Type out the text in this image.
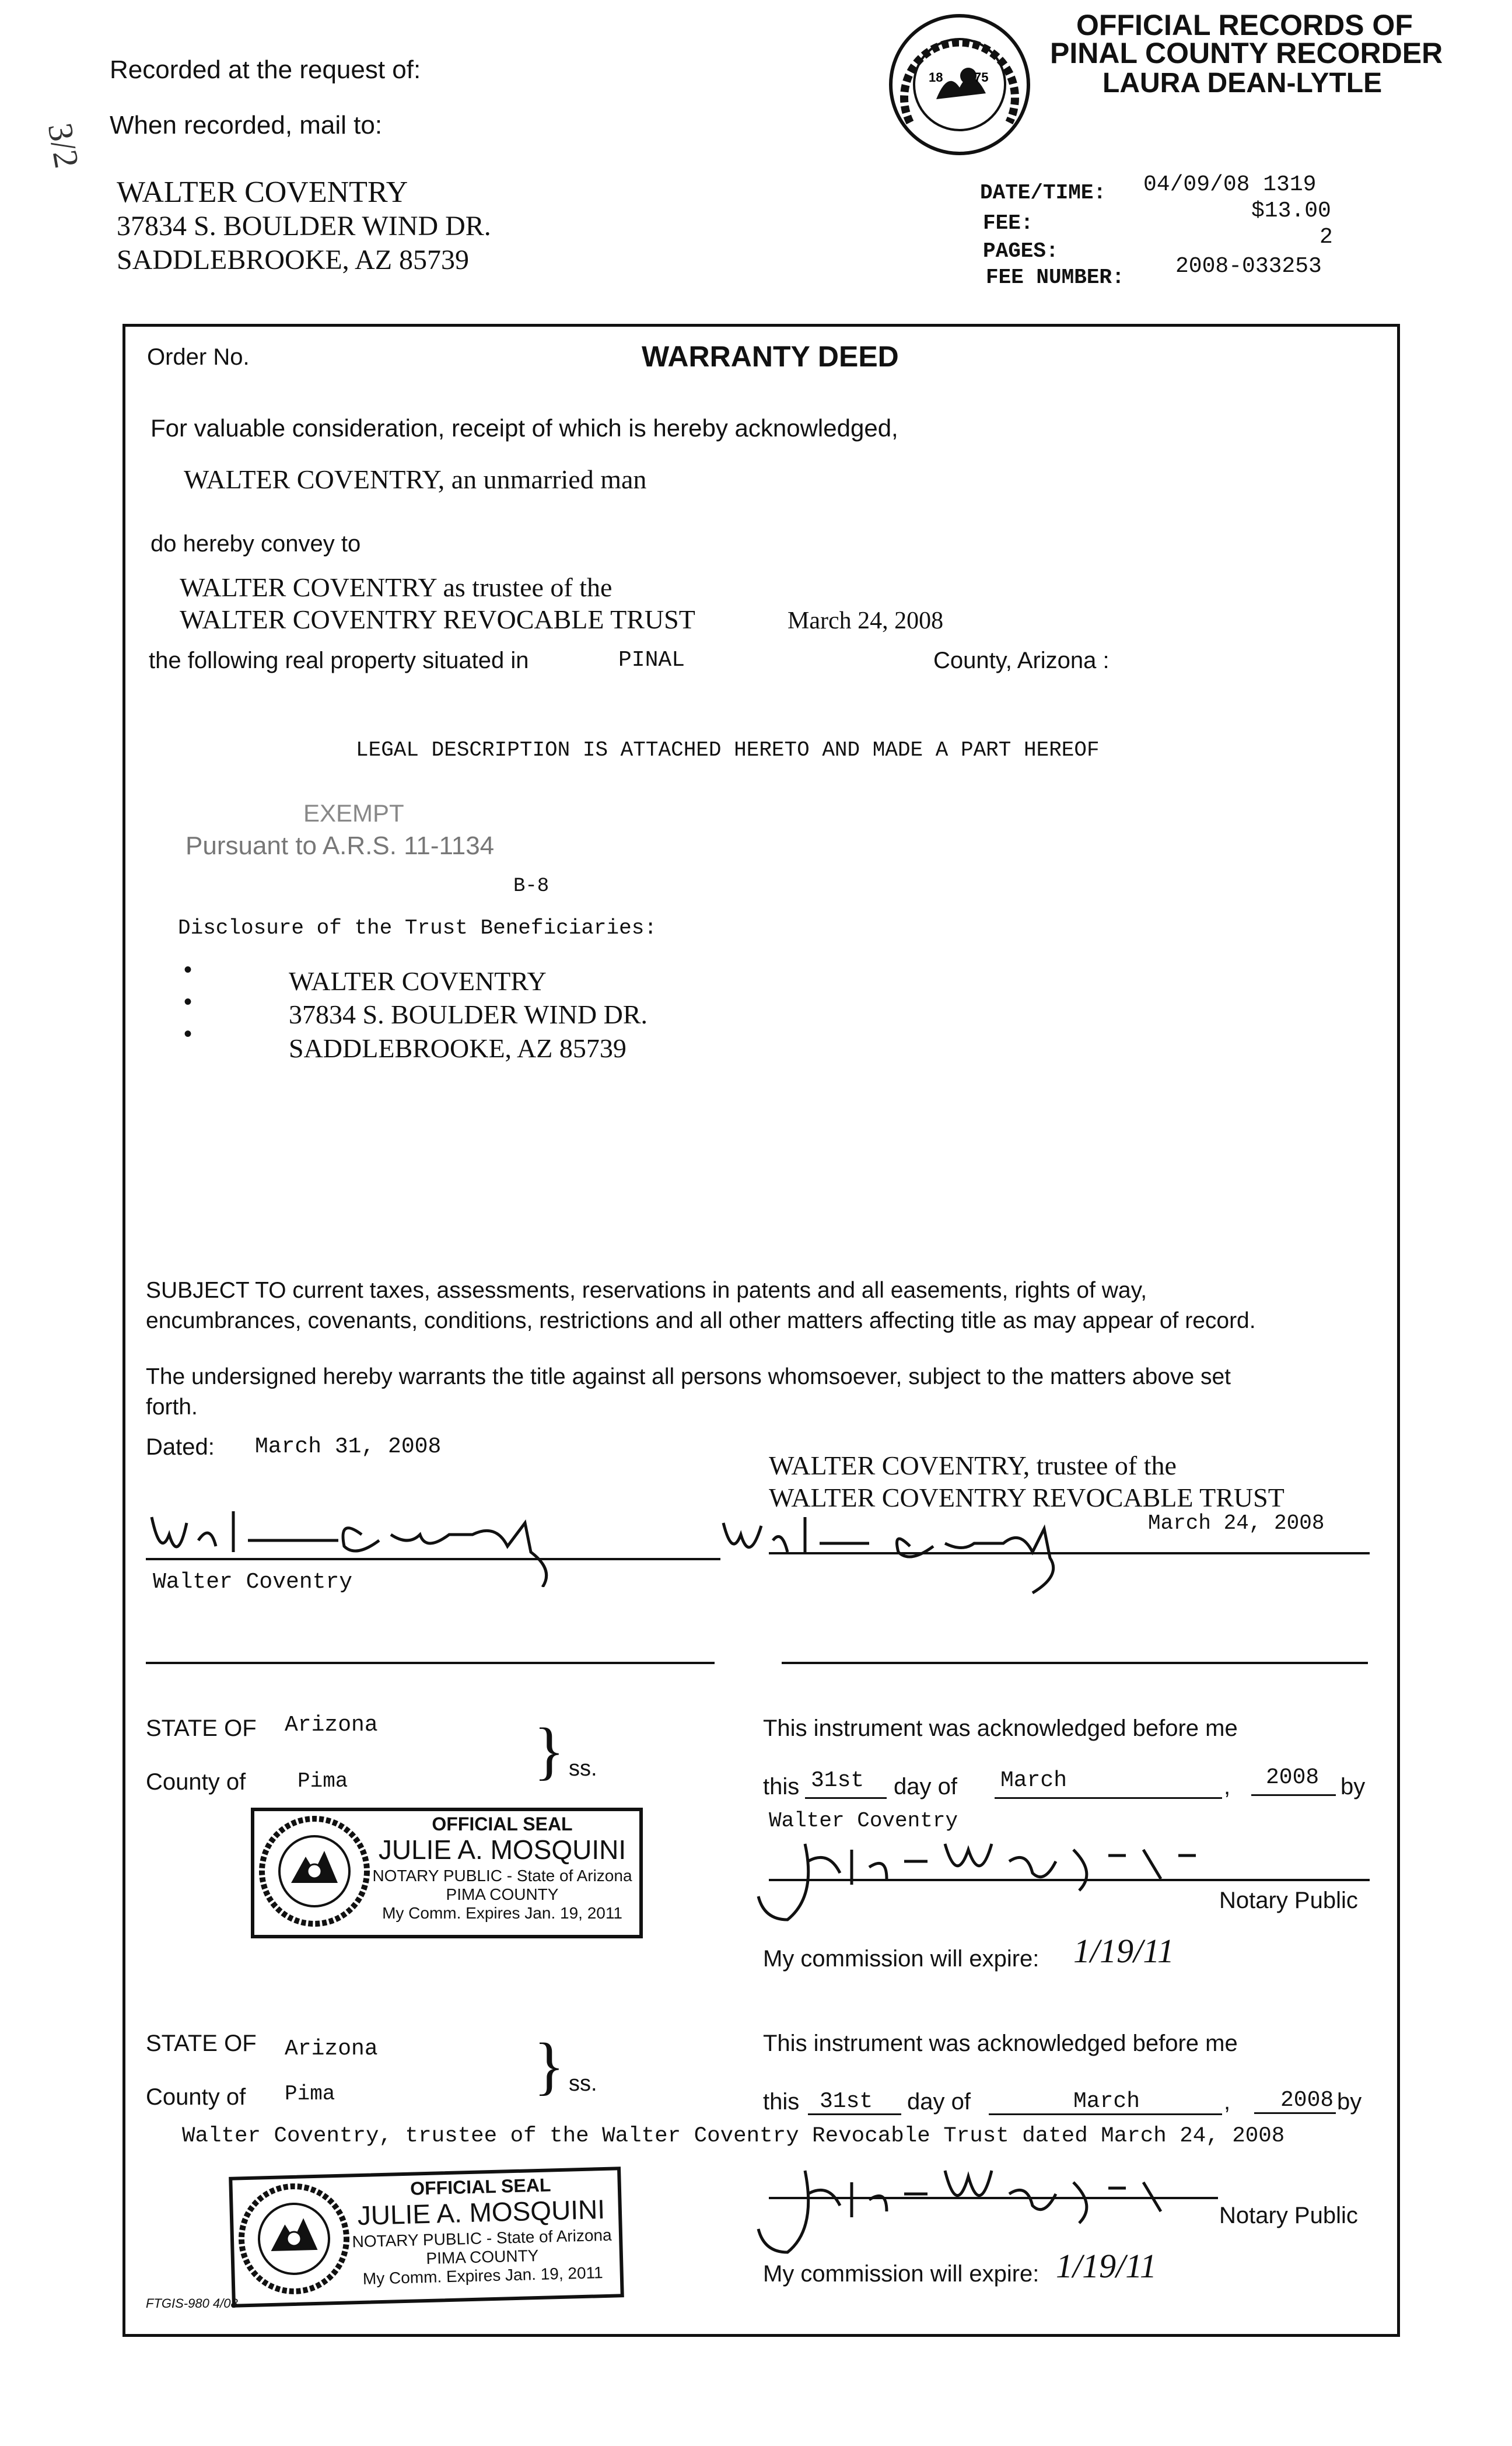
Recorded at the request of:
When recorded, mail to:
3/2
WALTER COVENTRY
37834 S. BOULDER WIND DR.
SADDLEBROOKE, AZ 85739
18 75
OFFICIAL RECORDS OF
PINAL COUNTY RECORDER
LAURA DEAN-LYTLE
DATE/TIME: 04/09/08 1319
FEE:	$13.00
PAGES:
2
FEE NUMBER: 2008-033253
Order No.	WARRANTY DEED
For valuable consideration, receipt of which is hereby acknowledged,
WALTER COVENTRY, an unmarried man
do hereby convey to
WALTER COVENTRY as trustee of the
WALTER COVENTRY REVOCABLE TRUST	March 24, 2008
the following real property situated in	PINAL	County, Arizona :
LEGAL DESCRIPTION IS ATTACHED HERETO AND MADE A PART HEREOF
EXEMPT
Pursuant to A.R.S. 11-1134
B-8
Disclosure of the Trust Beneficiaries:
•
•
•
WALTER COVENTRY
37834 S. BOULDER WIND DR.
SADDLEBROOKE, AZ 85739
SUBJECT TO current taxes, assessments, reservations in patents and all easements, rights of way,
encumbrances, covenants, conditions, restrictions and all other matters affecting title as may appear of record.
The undersigned hereby warrants the title against all persons whomsoever, subject to the matters above set
forth.
Dated: March 31, 2008
WALTER COVENTRY, trustee of the
WALTER COVENTRY REVOCABLE TRUST
March 24, 2008
Walter Coventry
STATE OF Arizona
County of Pima	} ss.
OFFICIAL SEAL
JULIE A. MOSQUINI
NOTARY PUBLIC - State of Arizona
PIMA COUNTY
My Comm. Expires Jan. 19, 2011
This instrument was acknowledged before me
this 31st day of March	, 2008 by
Walter Coventry
Notary Public
My commission will expire: 1/19/11
STATE OF Arizona
County of Pima	} ss.
This instrument was acknowledged before me
this 31st day of	March	, 2008 by
Walter Coventry, trustee of the Walter Coventry Revocable Trust dated March 24, 2008
OFFICIAL SEAL
JULIE A. MOSQUINI
NOTARY PUBLIC - State of Arizona
PIMA COUNTY
My Comm. Expires Jan. 19, 2011
Notary Public
My commission will expire: 1/19/11
FTGIS-980 4/08
